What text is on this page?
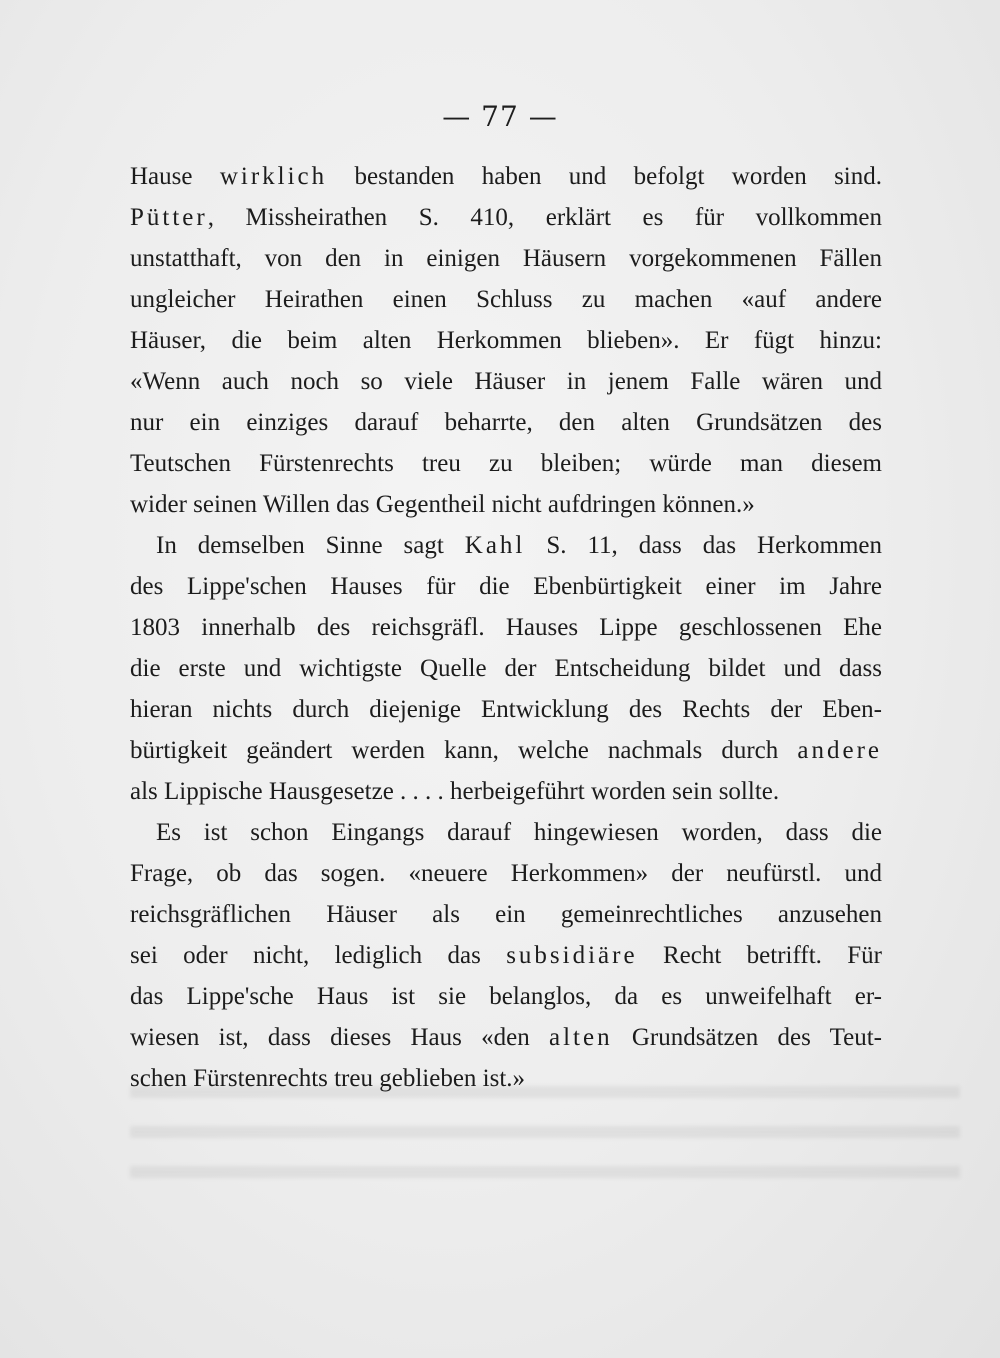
— 77 —
Hause wirklich bestanden haben und befolgt worden sind.
Pütter, Missheirathen S. 410, erklärt es für vollkommen
unstatthaft, von den in einigen Häusern vorgekommenen Fällen
ungleicher Heirathen einen Schluss zu machen «auf andere
Häuser, die beim alten Herkommen blieben». Er fügt hinzu:
«Wenn auch noch so viele Häuser in jenem Falle wären und
nur ein einziges darauf beharrte, den alten Grundsätzen des
Teutschen Fürstenrechts treu zu bleiben; würde man diesem
wider seinen Willen das Gegentheil nicht aufdringen können.»
In demselben Sinne sagt Kahl S. 11, dass das Herkommen
des Lippe'schen Hauses für die Ebenbürtigkeit einer im Jahre
1803 innerhalb des reichsgräfl. Hauses Lippe geschlossenen Ehe
die erste und wichtigste Quelle der Entscheidung bildet und dass
hieran nichts durch diejenige Entwicklung des Rechts der Eben-
bürtigkeit geändert werden kann, welche nachmals durch andere
als Lippische Hausgesetze . . . . herbeigeführt worden sein sollte.
Es ist schon Eingangs darauf hingewiesen worden, dass die
Frage, ob das sogen. «neuere Herkommen» der neufürstl. und
reichsgräflichen Häuser als ein gemeinrechtliches anzusehen
sei oder nicht, lediglich das subsidiäre Recht betrifft. Für
das Lippe'sche Haus ist sie belanglos, da es unweifelhaft er-
wiesen ist, dass dieses Haus «den alten Grundsätzen des Teut-
schen Fürstenrechts treu geblieben ist.»
